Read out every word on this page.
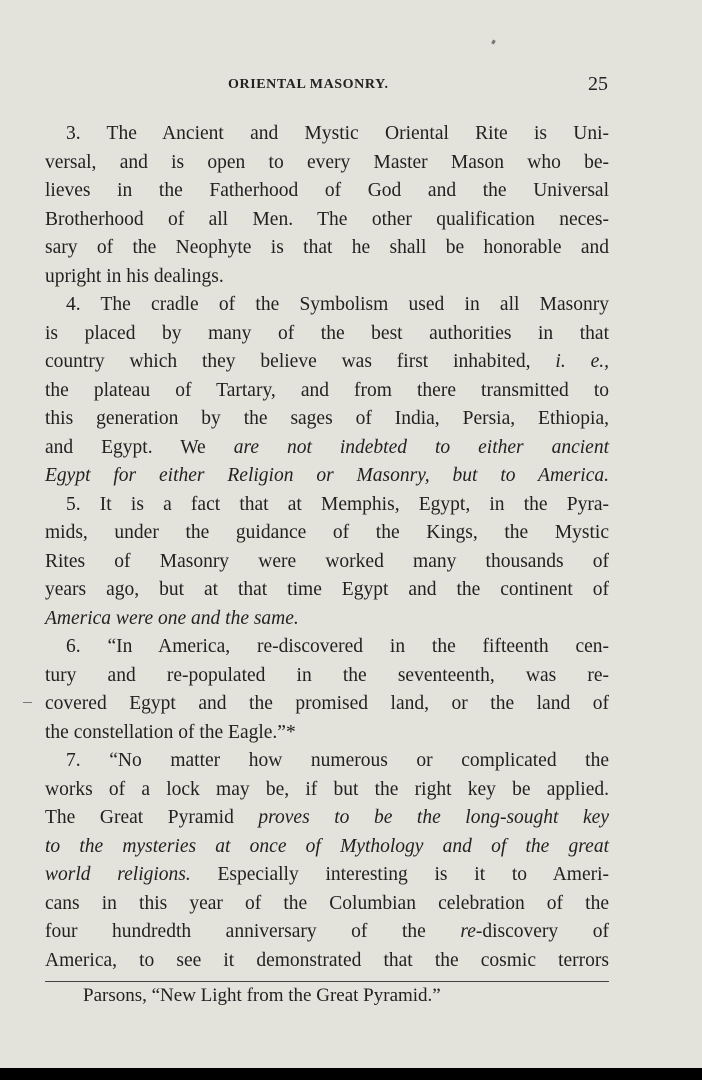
ORIENTAL MASONRY.	25
3. The Ancient and Mystic Oriental Rite is Uni-
versal, and is open to every Master Mason who be-
lieves in the Fatherhood of God and the Universal
Brotherhood of all Men. The other qualification neces-
sary of the Neophyte is that he shall be honorable and
upright in his dealings.
4. The cradle of the Symbolism used in all Masonry
is placed by many of the best authorities in that
country which they believe was first inhabited, i. e.,
the plateau of Tartary, and from there transmitted to
this generation by the sages of India, Persia, Ethiopia,
and Egypt. We are not indebted to either ancient
Egypt for either Religion or Masonry, but to America.
5. It is a fact that at Memphis, Egypt, in the Pyra-
mids, under the guidance of the Kings, the Mystic
Rites of Masonry were worked many thousands of
years ago, but at that time Egypt and the continent of
America were one and the same.
6. “In America, re-discovered in the fifteenth cen-
tury and re-populated in the seventeenth, was re-
covered Egypt and the promised land, or the land of
the constellation of the Eagle.”*
7. “No matter how numerous or complicated the
works of a lock may be, if but the right key be applied.
The Great Pyramid proves to be the long-sought key
to the mysteries at once of Mythology and of the great
world religions. Especially interesting is it to Ameri-
cans in this year of the Columbian celebration of the
four hundredth anniversary of the re-discovery of
America, to see it demonstrated that the cosmic terrors
Parsons, “New Light from the Great Pyramid.”
